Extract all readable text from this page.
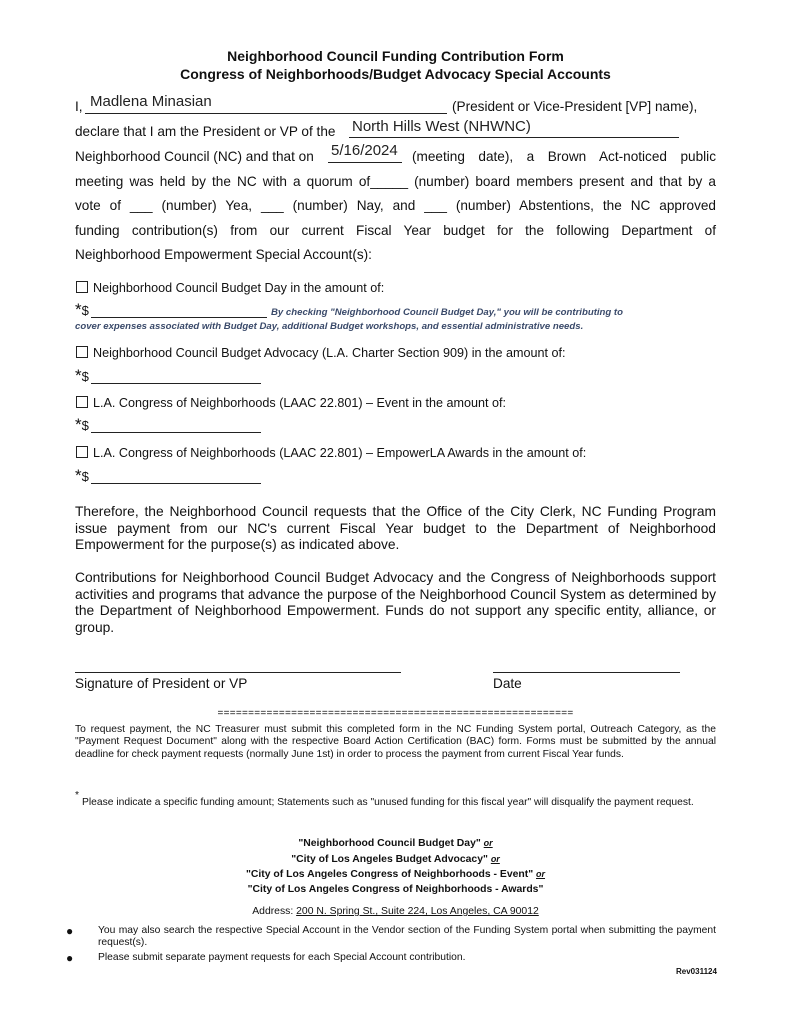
Neighborhood Council Funding Contribution Form
Congress of Neighborhoods/Budget Advocacy Special Accounts
I, Madlena Minasian	(President or Vice-President [VP] name),
declare that I am the President or VP of the North Hills West (NHWNC)
Neighborhood Council (NC) and that on 5/16/2024 (meeting date), a Brown Act-noticed public
meeting was held by the NC with a quorum of_____ (number) board members present and that by a
vote of ___ (number) Yea, ___ (number) Nay, and ___ (number) Abstentions, the NC approved
funding contribution(s) from our current Fiscal Year budget for the following Department of
Neighborhood Empowerment Special Account(s):
Neighborhood Council Budget Day in the amount of:
*$	By checking "Neighborhood Council Budget Day," you will be contributing to
cover expenses associated with Budget Day, additional Budget workshops, and essential administrative needs.
Neighborhood Council Budget Advocacy (L.A. Charter Section 909) in the amount of:
*$
L.A. Congress of Neighborhoods (LAAC 22.801) – Event in the amount of:
*$
L.A. Congress of Neighborhoods (LAAC 22.801) – EmpowerLA Awards in the amount of:
*$
Therefore, the Neighborhood Council requests that the Office of the City Clerk, NC Funding Program issue payment from our NC's current Fiscal Year budget to the Department of Neighborhood Empowerment for the purpose(s) as indicated above.
Contributions for Neighborhood Council Budget Advocacy and the Congress of Neighborhoods support activities and programs that advance the purpose of the Neighborhood Council System as determined by the Department of Neighborhood Empowerment. Funds do not support any specific entity, alliance, or group.
Signature of President or VP	Date
==========================================================
To request payment, the NC Treasurer must submit this completed form in the NC Funding System portal, Outreach Category, as the "Payment Request Document" along with the respective Board Action Certification (BAC) form. Forms must be submitted by the annual deadline for check payment requests (normally June 1st) in order to process the payment from current Fiscal Year funds.
*
Please indicate a specific funding amount; Statements such as "unused funding for this fiscal year" will disqualify the payment request.
"Neighborhood Council Budget Day" or
"City of Los Angeles Budget Advocacy" or
"City of Los Angeles Congress of Neighborhoods - Event" or
"City of Los Angeles Congress of Neighborhoods - Awards"
Address: 200 N. Spring St., Suite 224, Los Angeles, CA 90012
● You may also search the respective Special Account in the Vendor section of the Funding System portal when submitting the payment request(s).
● Please submit separate payment requests for each Special Account contribution.
Rev031124
